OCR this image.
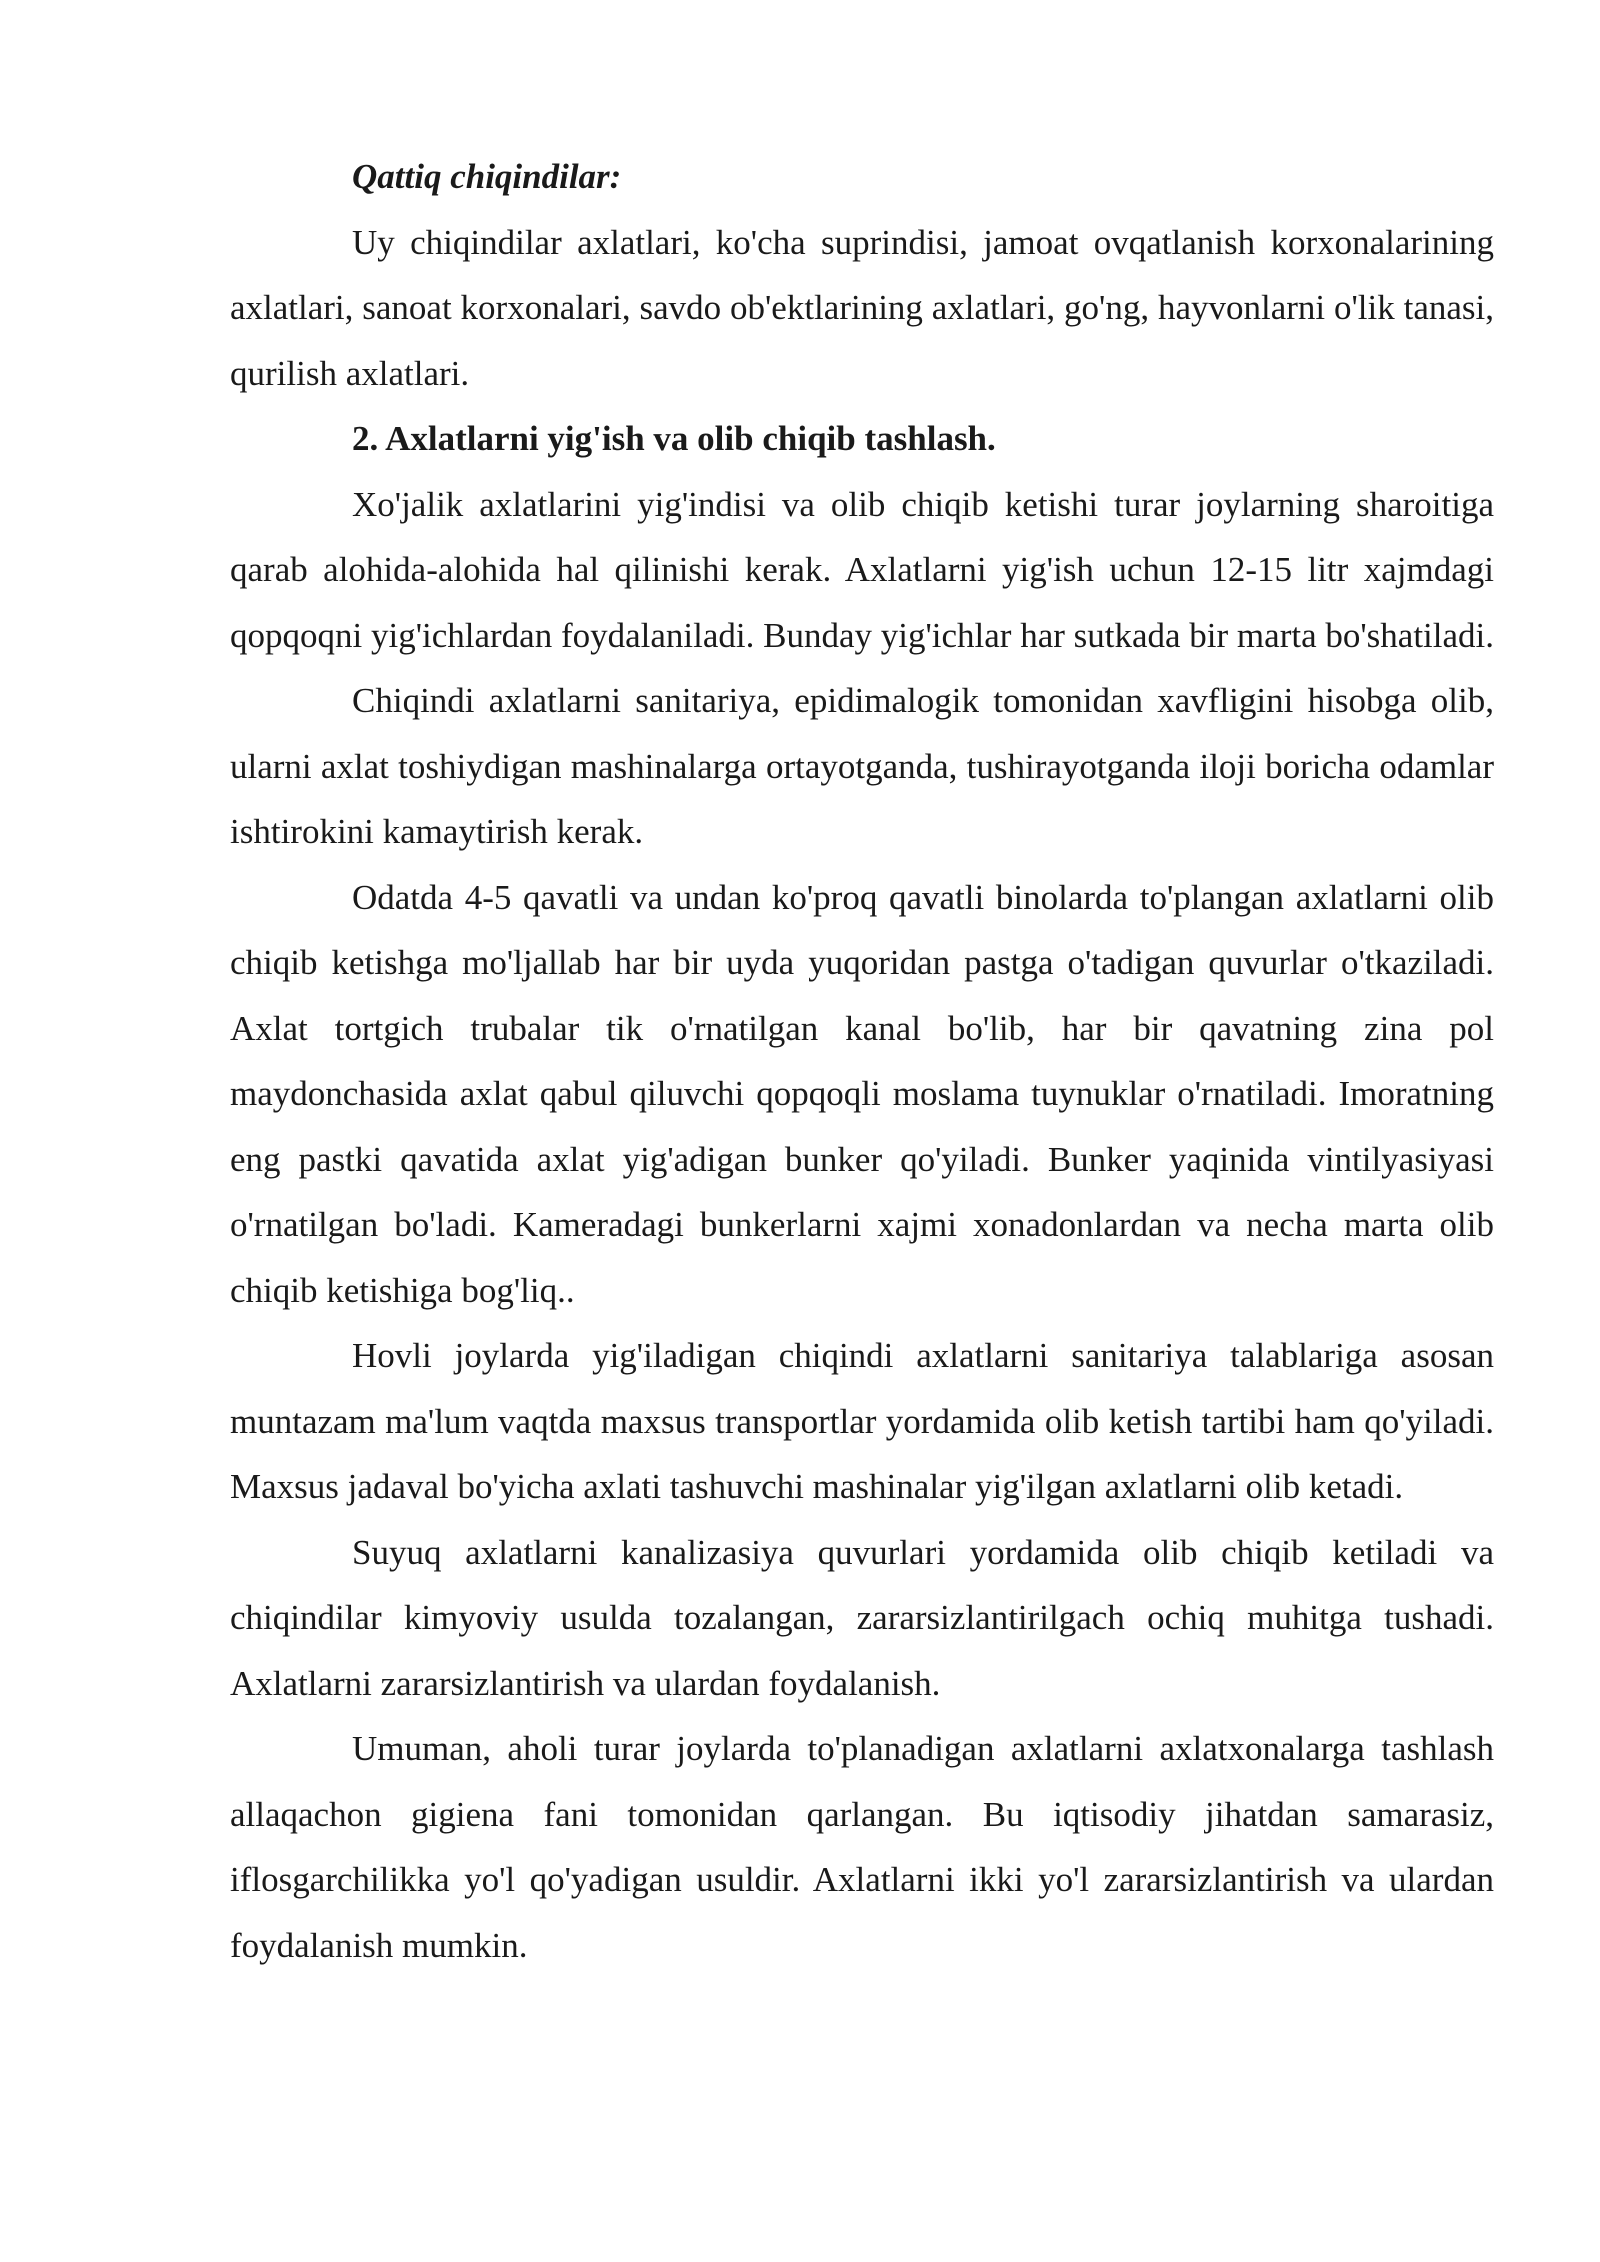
Qattiq chiqindilar:

Uy chiqindilar axlatlari, ko'cha suprindisi, jamoat ovqatlanish korxonalarining axlatlari, sanoat korxonalari, savdo ob'ektlarining axlatlari, go'ng, hayvonlarni o'lik tanasi, qurilish axlatlari.

2. Axlatlarni yig'ish va olib chiqib tashlash.

Xo'jalik axlatlarini yig'indisi va olib chiqib ketishi turar joylarning sharoitiga qarab alohida-alohida hal qilinishi kerak. Axlatlarni yig'ish uchun 12-15 litr xajmdagi qopqoqni yig'ichlardan foydalaniladi. Bunday yig'ichlar har sutkada bir marta bo'shatiladi.

Chiqindi axlatlarni sanitariya, epidimalogik tomonidan xavfligini hisobga olib, ularni axlat toshiydigan mashinalarga ortayotganda, tushirayotganda iloji boricha odamlar ishtirokini kamaytirish kerak.

Odatda 4-5 qavatli va undan ko'proq qavatli binolarda to'plangan axlatlarni olib chiqib ketishga mo'ljallab har bir uyda yuqoridan pastga o'tadigan quvurlar o'tkaziladi. Axlat tortgich trubalar tik o'rnatilgan kanal bo'lib, har bir qavatning zina pol maydonchasida axlat qabul qiluvchi qopqoqli moslama tuynuklar o'rnatiladi. Imoratning eng pastki qavatida axlat yig'adigan bunker qo'yiladi. Bunker yaqinida vintilyasiyasi o'rnatilgan bo'ladi. Kameradagi bunkerlarni xajmi xonadonlardan va necha marta olib chiqib ketishiga bog'liq..

Hovli joylarda yig'iladigan chiqindi axlatlarni sanitariya talablariga asosan muntazam ma'lum vaqtda maxsus transportlar yordamida olib ketish tartibi ham qo'yiladi. Maxsus jadaval bo'yicha axlati tashuvchi mashinalar yig'ilgan axlatlarni olib ketadi.

Suyuq axlatlarni kanalizasiya quvurlari yordamida olib chiqib ketiladi va chiqindilar kimyoviy usulda tozalangan, zararsizlantirilgach ochiq muhitga tushadi. Axlatlarni zararsizlantirish va ulardan foydalanish.

Umuman, aholi turar joylarda to'planadigan axlatlarni axlatxonalarga tashlash allaqachon gigiena fani tomonidan qarlangan. Bu iqtisodiy jihatdan samarasiz, iflosgarchilikka yo'l qo'yadigan usuldir. Axlatlarni ikki yo'l zararsizlantirish va ulardan foydalanish mumkin.
